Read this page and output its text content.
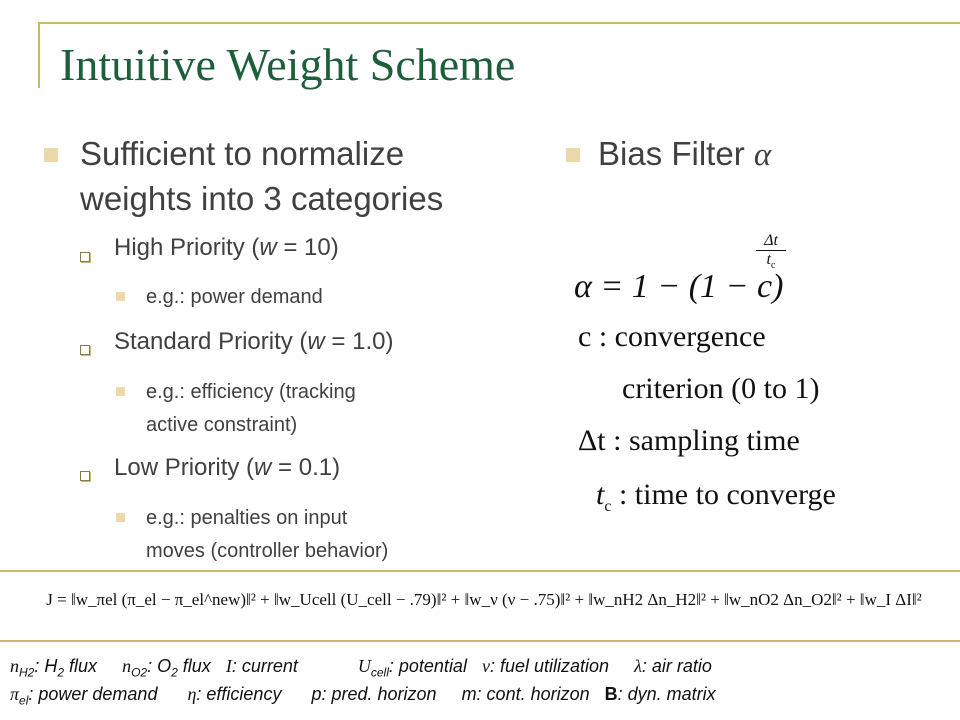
Intuitive Weight Scheme
Sufficient to normalize
weights into 3 categories
High Priority (w = 10)
e.g.: power demand
Standard Priority (w = 1.0)
e.g.: efficiency (tracking
active constraint)
Low Priority (w = 0.1)
e.g.: penalties on input
moves (controller behavior)
Bias Filter α
α = 1 − (1 − c)
Δt
$t_c$
c : convergence
criterion (0 to 1)
Δt : sampling time
$t_c$ : time to converge
J = ‖w_πel (π_el − π_el^new)‖² + ‖w_Ucell (U_cell − .79)‖² + ‖w_ν (ν − .75)‖² + ‖w_nH2 Δn_H2‖² + ‖w_nO2 Δn_O2‖² + ‖w_I ΔI‖²
$n_{H2}$: $H_2$ flux $n_{O2}$: $O_2$ flux I: current	$U_{cell}$: potential ν: fuel utilization λ: air ratio
$\pi_{el}$: power demand η: efficiency p: pred. horizon m: cont. horizon B: dyn. matrix
